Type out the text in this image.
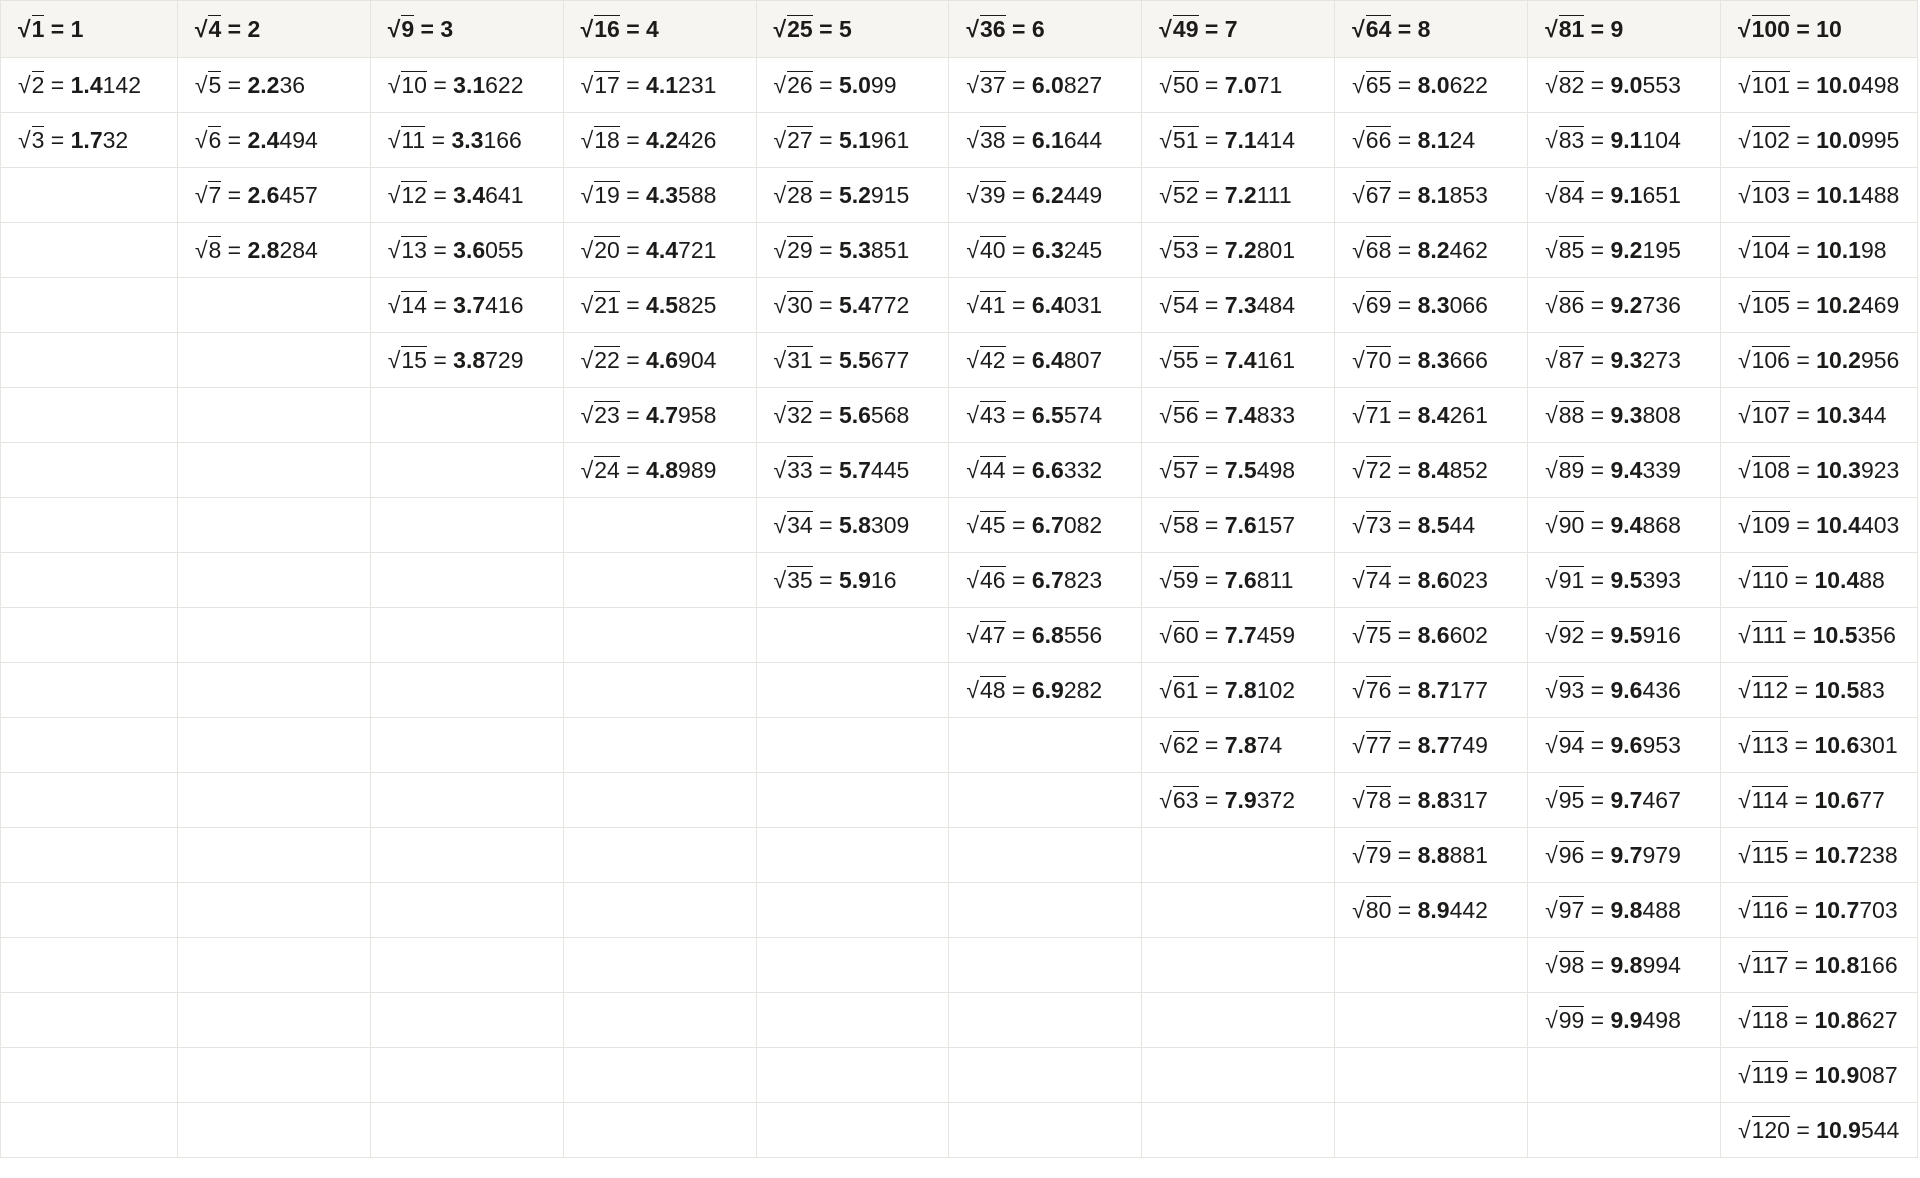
√1 = 1	√4 = 2	√9 = 3	√16 = 4	√25 = 5	√36 = 6	√49 = 7	√64 = 8	√81 = 9	√100 = 10
√2 = 1.4142	√5 = 2.236	√10 = 3.1622	√17 = 4.1231	√26 = 5.099	√37 = 6.0827	√50 = 7.071	√65 = 8.0622	√82 = 9.0553	√101 = 10.0498
√3 = 1.732	√6 = 2.4494	√11 = 3.3166	√18 = 4.2426	√27 = 5.1961	√38 = 6.1644	√51 = 7.1414	√66 = 8.124	√83 = 9.1104	√102 = 10.0995
	√7 = 2.6457	√12 = 3.4641	√19 = 4.3588	√28 = 5.2915	√39 = 6.2449	√52 = 7.2111	√67 = 8.1853	√84 = 9.1651	√103 = 10.1488
	√8 = 2.8284	√13 = 3.6055	√20 = 4.4721	√29 = 5.3851	√40 = 6.3245	√53 = 7.2801	√68 = 8.2462	√85 = 9.2195	√104 = 10.198
		√14 = 3.7416	√21 = 4.5825	√30 = 5.4772	√41 = 6.4031	√54 = 7.3484	√69 = 8.3066	√86 = 9.2736	√105 = 10.2469
		√15 = 3.8729	√22 = 4.6904	√31 = 5.5677	√42 = 6.4807	√55 = 7.4161	√70 = 8.3666	√87 = 9.3273	√106 = 10.2956
			√23 = 4.7958	√32 = 5.6568	√43 = 6.5574	√56 = 7.4833	√71 = 8.4261	√88 = 9.3808	√107 = 10.344
			√24 = 4.8989	√33 = 5.7445	√44 = 6.6332	√57 = 7.5498	√72 = 8.4852	√89 = 9.4339	√108 = 10.3923
				√34 = 5.8309	√45 = 6.7082	√58 = 7.6157	√73 = 8.544	√90 = 9.4868	√109 = 10.4403
				√35 = 5.916	√46 = 6.7823	√59 = 7.6811	√74 = 8.6023	√91 = 9.5393	√110 = 10.488
					√47 = 6.8556	√60 = 7.7459	√75 = 8.6602	√92 = 9.5916	√111 = 10.5356
					√48 = 6.9282	√61 = 7.8102	√76 = 8.7177	√93 = 9.6436	√112 = 10.583
						√62 = 7.874	√77 = 8.7749	√94 = 9.6953	√113 = 10.6301
						√63 = 7.9372	√78 = 8.8317	√95 = 9.7467	√114 = 10.677
							√79 = 8.8881	√96 = 9.7979	√115 = 10.7238
							√80 = 8.9442	√97 = 9.8488	√116 = 10.7703
								√98 = 9.8994	√117 = 10.8166
								√99 = 9.9498	√118 = 10.8627
									√119 = 10.9087
									√120 = 10.9544
